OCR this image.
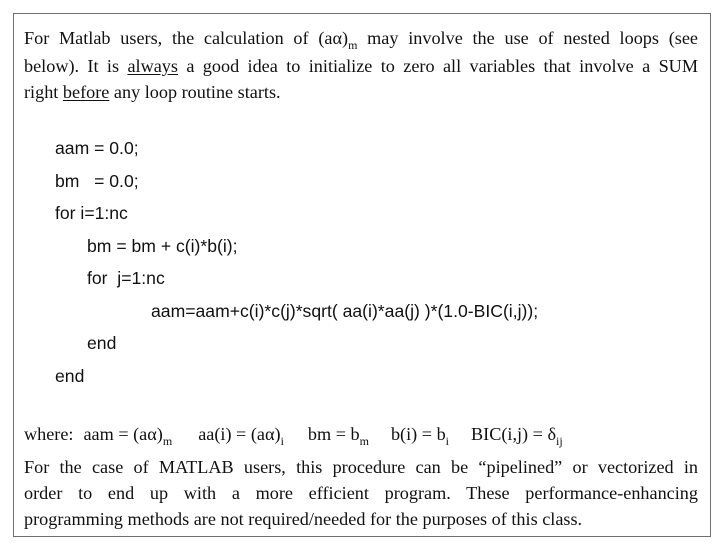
For Matlab users, the calculation of $(a\alpha)_m$ may involve the use of nested loops (see
below). It is always a good idea to initialize to zero all variables that involve a SUM
right before any loop routine starts.
aam = 0.0;
bm   = 0.0;
for i=1:nc
bm = bm + c(i)*b(i);
for  j=1:nc
aam=aam+c(i)*c(j)*sqrt( aa(i)*aa(j) )*(1.0-BIC(i,j));
end
end
where: aam = $(a\alpha)_m$ $aa(i) = (a\alpha)_i$ bm = $b_m$ $b(i) = b_i$ $BIC(i,j) = \delta_{ij}$
For the case of MATLAB users, this procedure can be “pipelined” or vectorized in
order to end up with a more efficient program. These performance-enhancing
programming methods are not required/needed for the purposes of this class.
